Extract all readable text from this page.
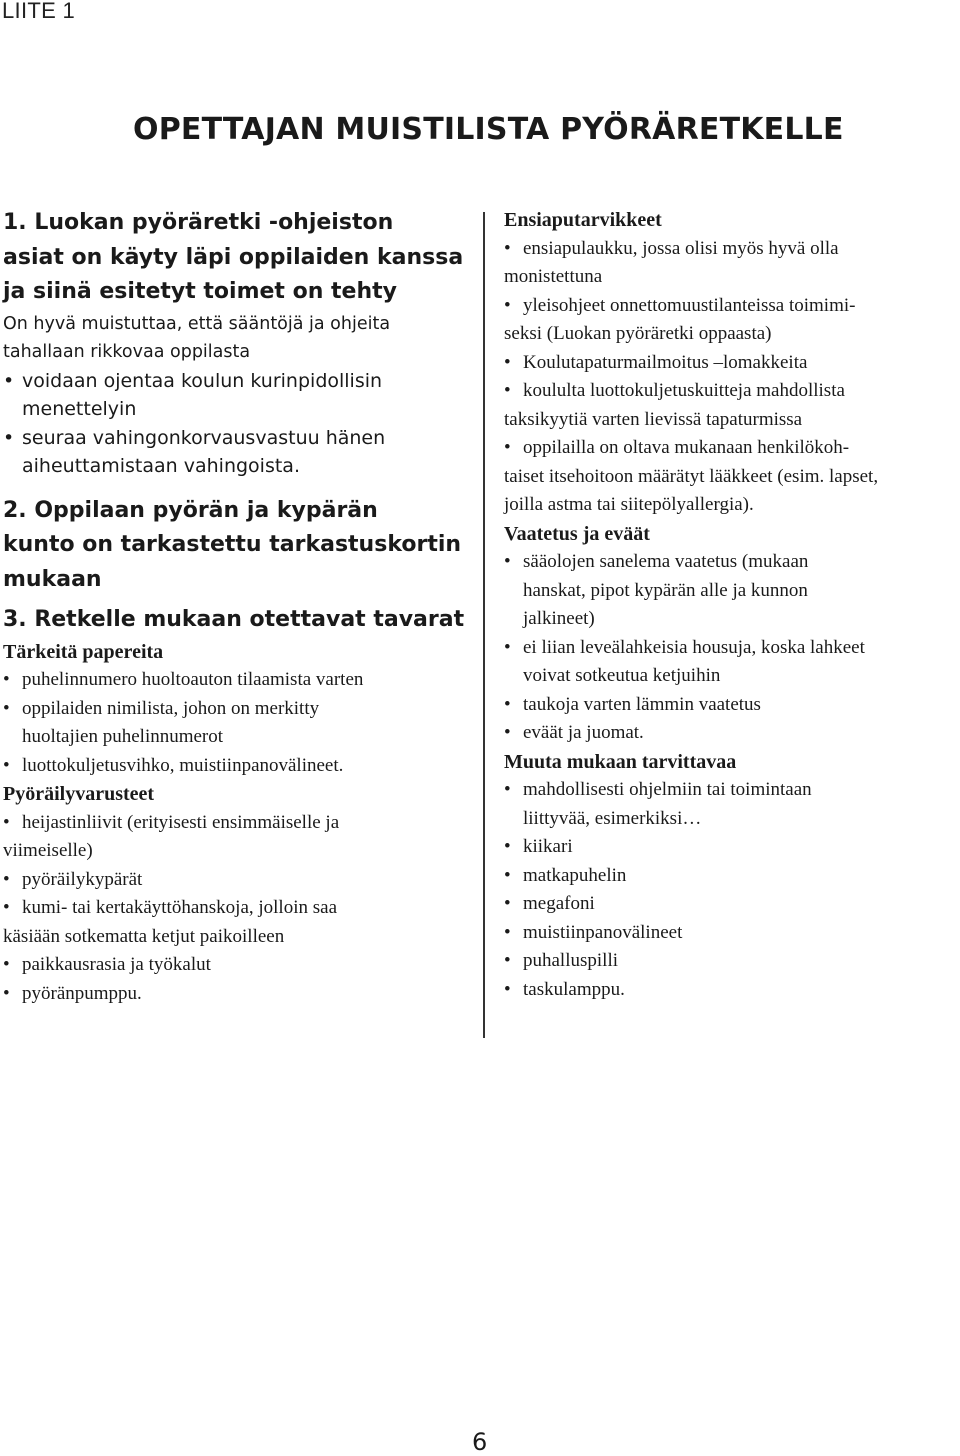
LIITE 1
OPETTAJAN MUISTILISTA PYÖRÄRETKELLE
1. Luokan pyöräretki -ohjeiston
asiat on käyty läpi oppilaiden kanssa
ja siinä esitetyt toimet on tehty
On hyvä muistuttaa, että sääntöjä ja ohjeita
tahallaan rikkovaa oppilasta
• voidaan ojentaa koulun kurinpidollisin
menettelyin
• seuraa vahingonkorvausvastuu hänen
aiheuttamistaan vahingoista.
2. Oppilaan pyörän ja kypärän
kunto on tarkastettu tarkastuskortin
mukaan
3. Retkelle mukaan otettavat tavarat
Tärkeitä papereita
• puhelinnumero huoltoauton tilaamista varten
• oppilaiden nimilista, johon on merkitty
huoltajien puhelinnumerot
• luottokuljetusvihko, muistiinpanovälineet.
Pyöräilyvarusteet
• heijastinliivit (erityisesti ensimmäiselle ja
viimeiselle)
• pyöräilykypärät
• kumi- tai kertakäyttöhanskoja, jolloin saa
käsiään sotkematta ketjut paikoilleen
• paikkausrasia ja työkalut
• pyöränpumppu.
Ensiaputarvikkeet
• ensiapulaukku, jossa olisi myös hyvä olla
monistettuna
• yleisohjeet onnettomuustilanteissa toimimi-
seksi (Luokan pyöräretki oppaasta)
• Koulutapaturmailmoitus –lomakkeita
• koululta luottokuljetuskuitteja mahdollista
taksikyytiä varten lievissä tapaturmissa
• oppilailla on oltava mukanaan henkilökoh-
taiset itsehoitoon määrätyt lääkkeet (esim. lapset,
joilla astma tai siitepölyallergia).
Vaatetus ja eväät
• sääolojen sanelema vaatetus (mukaan
hanskat, pipot kypärän alle ja kunnon
jalkineet)
• ei liian leveälahkeisia housuja, koska lahkeet
voivat sotkeutua ketjuihin
• taukoja varten lämmin vaatetus
• eväät ja juomat.
Muuta mukaan tarvittavaa
• mahdollisesti ohjelmiin tai toimintaan
liittyvää, esimerkiksi…
• kiikari
• matkapuhelin
• megafoni
• muistiinpanovälineet
• puhalluspilli
• taskulamppu.
6
